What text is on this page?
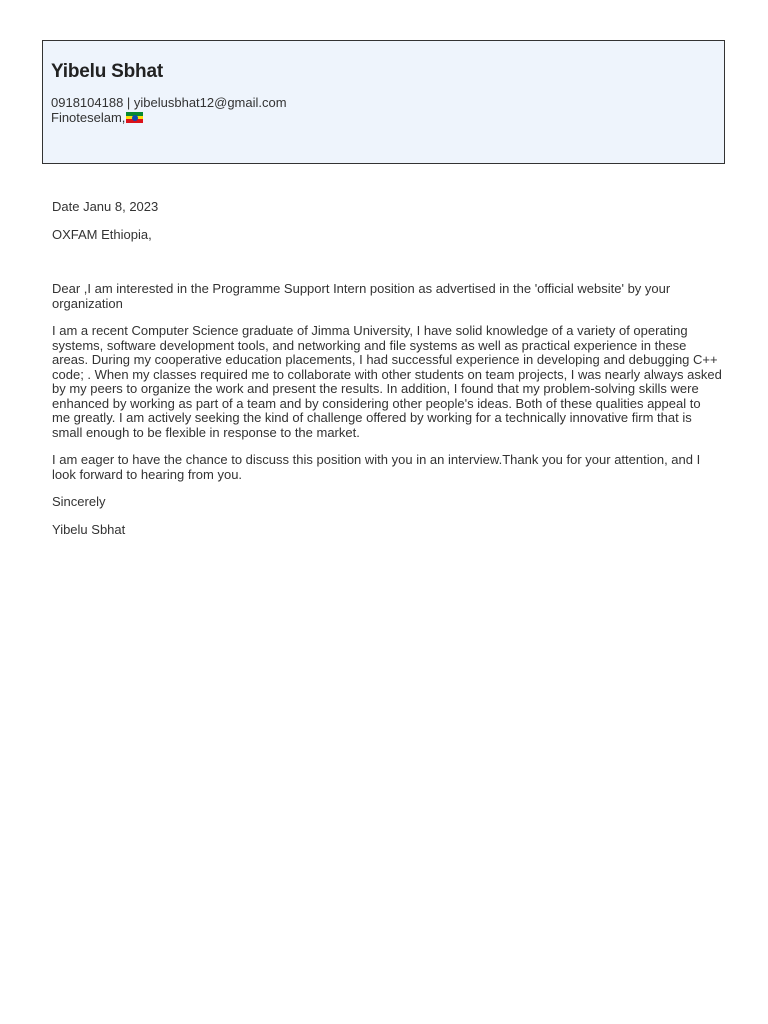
Yibelu Sbhat
0918104188 | yibelusbhat12@gmail.com
Finoteselam,

Date Janu 8, 2023

OXFAM Ethiopia,

Dear ,I am interested in the Programme Support Intern position as advertised in the 'official website' by your organization

I am a recent Computer Science graduate of Jimma University, I have solid knowledge of a variety of operating systems, software development tools, and networking and file systems as well as practical experience in these areas. During my cooperative education placements, I had successful experience in developing and debugging C++ code; . When my classes required me to collaborate with other students on team projects, I was nearly always asked by my peers to organize the work and present the results. In addition, I found that my problem-solving skills were enhanced by working as part of a team and by considering other people's ideas. Both of these qualities appeal to me greatly. I am actively seeking the kind of challenge offered by working for a technically innovative firm that is small enough to be flexible in response to the market.

I am eager to have the chance to discuss this position with you in an interview.Thank you for your attention, and I look forward to hearing from you.

Sincerely

Yibelu Sbhat
